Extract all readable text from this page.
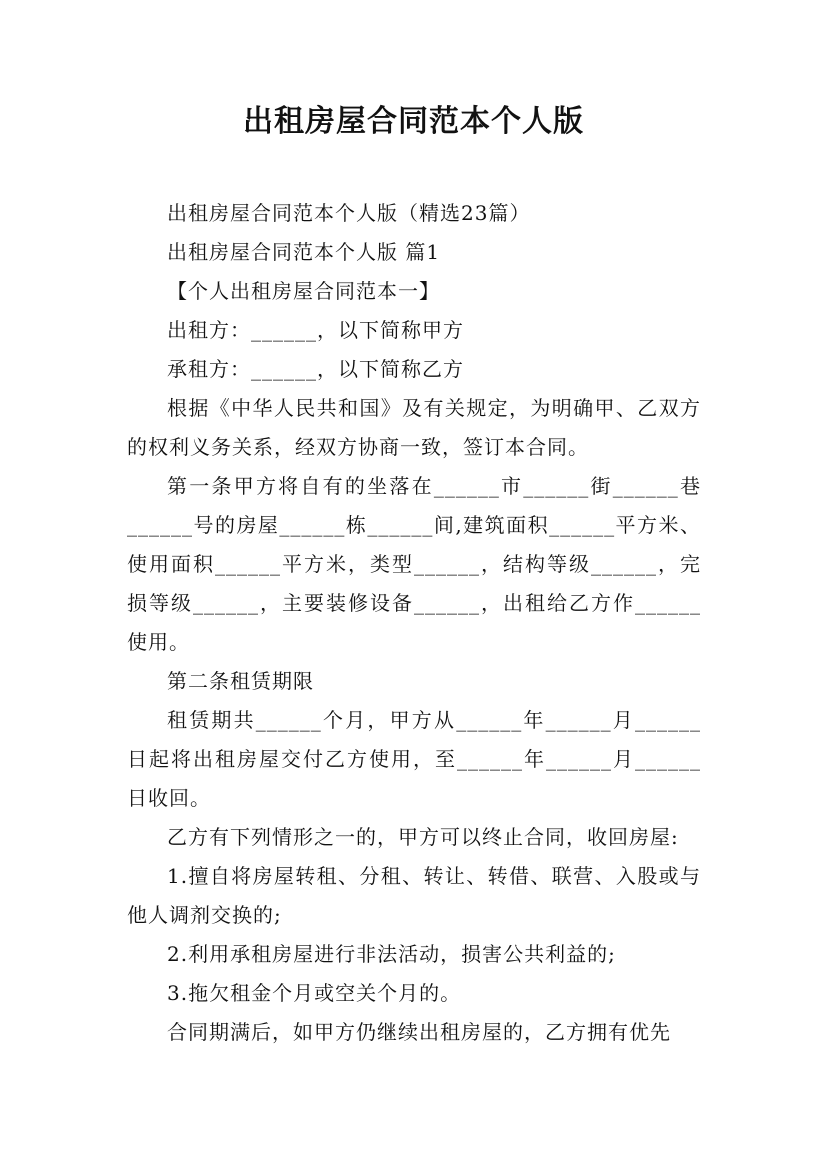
出租房屋合同范本个人版

出租房屋合同范本个人版（精选23篇）

出租房屋合同范本个人版 篇1

【个人出租房屋合同范本一】

出租方：______，以下简称甲方

承租方：______，以下简称乙方

根据《中华人民共和国》及有关规定，为明确甲、乙双方的权利义务关系，经双方协商一致，签订本合同。

第一条甲方将自有的坐落在______市______街______巷______号的房屋______栋______间,建筑面积______平方米、使用面积______平方米，类型______，结构等级______，完损等级______，主要装修设备______，出租给乙方作______使用。

第二条租赁期限

租赁期共______个月，甲方从______年______月______日起将出租房屋交付乙方使用，至______年______月______日收回。

乙方有下列情形之一的，甲方可以终止合同，收回房屋:

1.擅自将房屋转租、分租、转让、转借、联营、入股或与他人调剂交换的;

2.利用承租房屋进行非法活动，损害公共利益的;

3.拖欠租金个月或空关个月的。

合同期满后，如甲方仍继续出租房屋的，乙方拥有优先
